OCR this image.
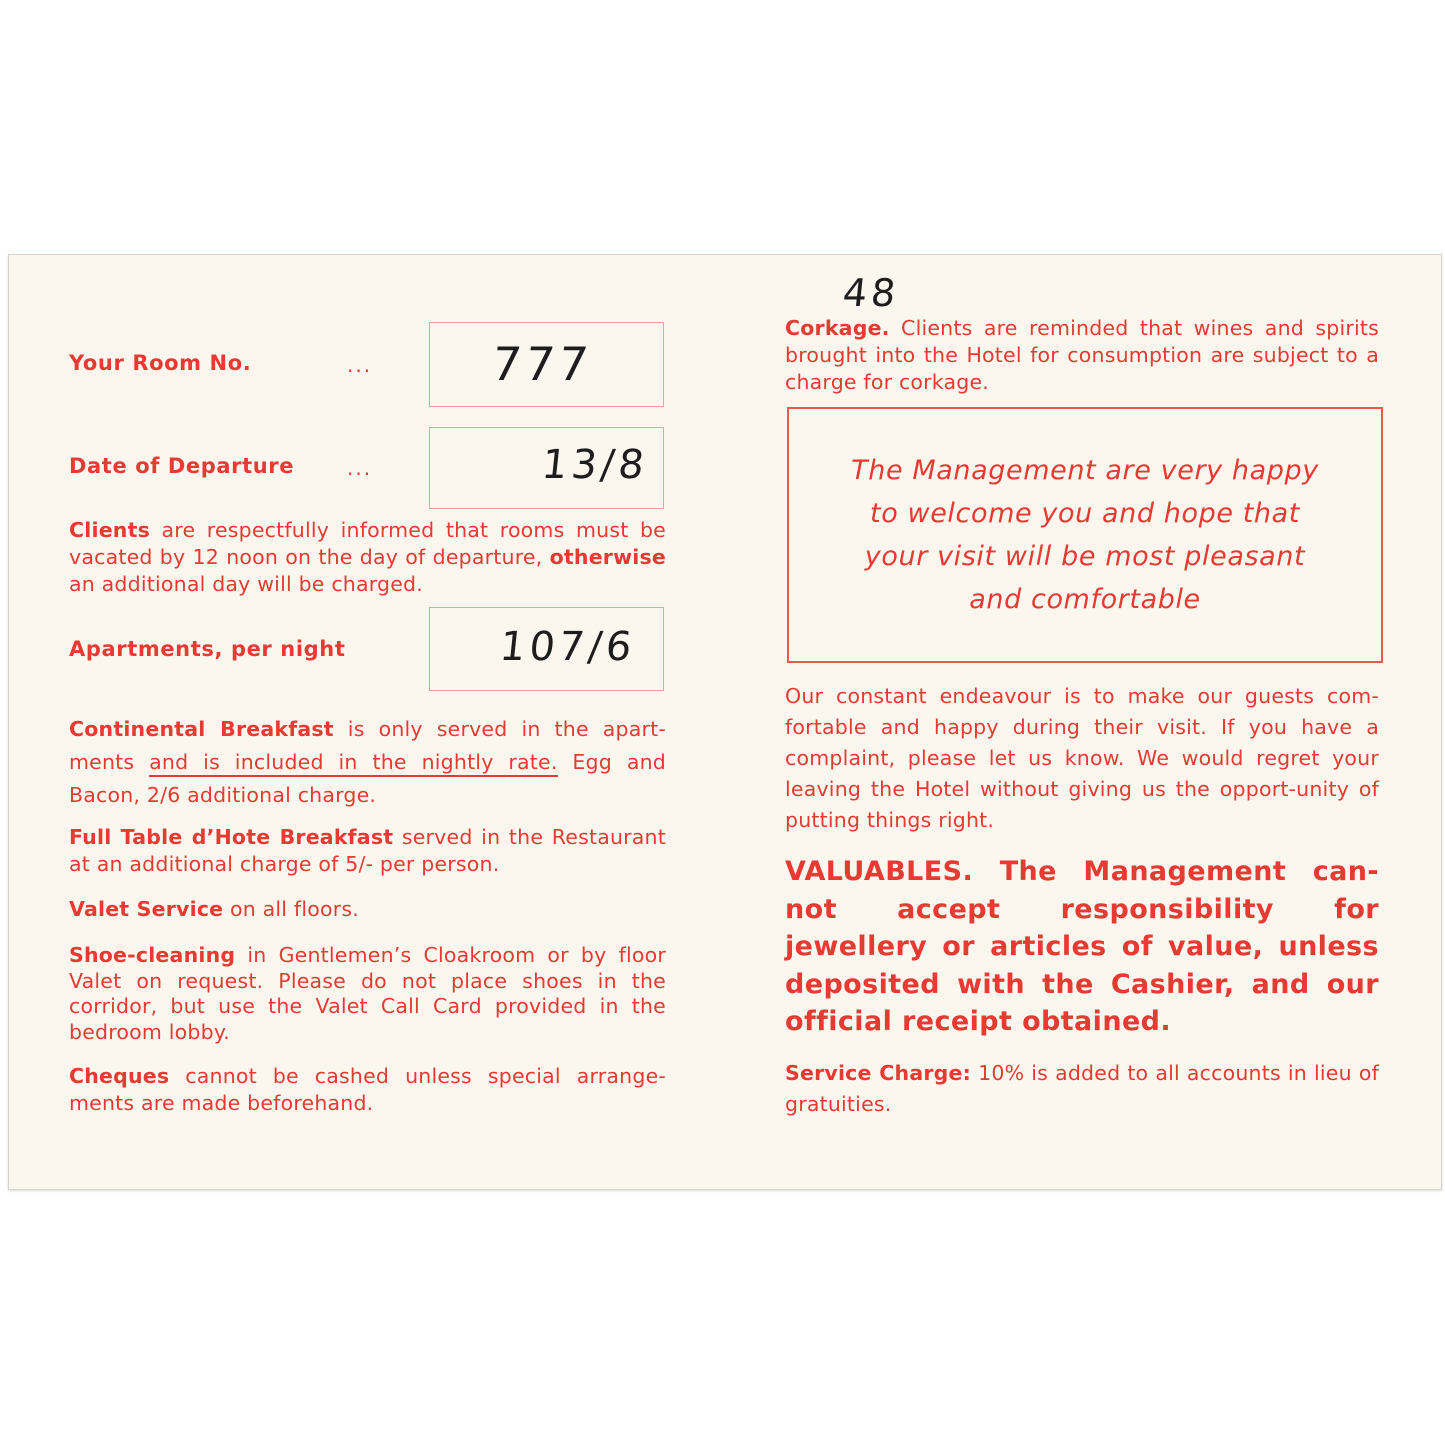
Your Room No.	...	777
Date of Departure	...	13/8
Clients are respectfully informed that rooms must be vacated by 12 noon on the day of departure, otherwise an additional day will be charged.
Apartments, per night	107/6
Continental Breakfast is only served in the apart-ments and is included in the nightly rate. Egg and Bacon, 2/6 additional charge.
Full Table d’Hote Breakfast served in the Restaurant at an additional charge of 5/- per person.
Valet Service on all floors.
Shoe-cleaning in Gentlemen’s Cloakroom or by floor Valet on request. Please do not place shoes in the corridor, but use the Valet Call Card provided in the bedroom lobby.
Cheques cannot be cashed unless special arrange-ments are made beforehand.
48
Corkage. Clients are reminded that wines and spirits brought into the Hotel for consumption are subject to a charge for corkage.

The Management are very happy to welcome you and hope that your visit will be most pleasant and comfortable

Our constant endeavour is to make our guests com-fortable and happy during their visit. If you have a complaint, please let us know. We would regret your leaving the Hotel without giving us the opport-unity of putting things right.
VALUABLES. The Management can-not accept responsibility for jewellery or articles of value, unless deposited with the Cashier, and our official receipt obtained.
Service Charge: 10% is added to all accounts in lieu of gratuities.
